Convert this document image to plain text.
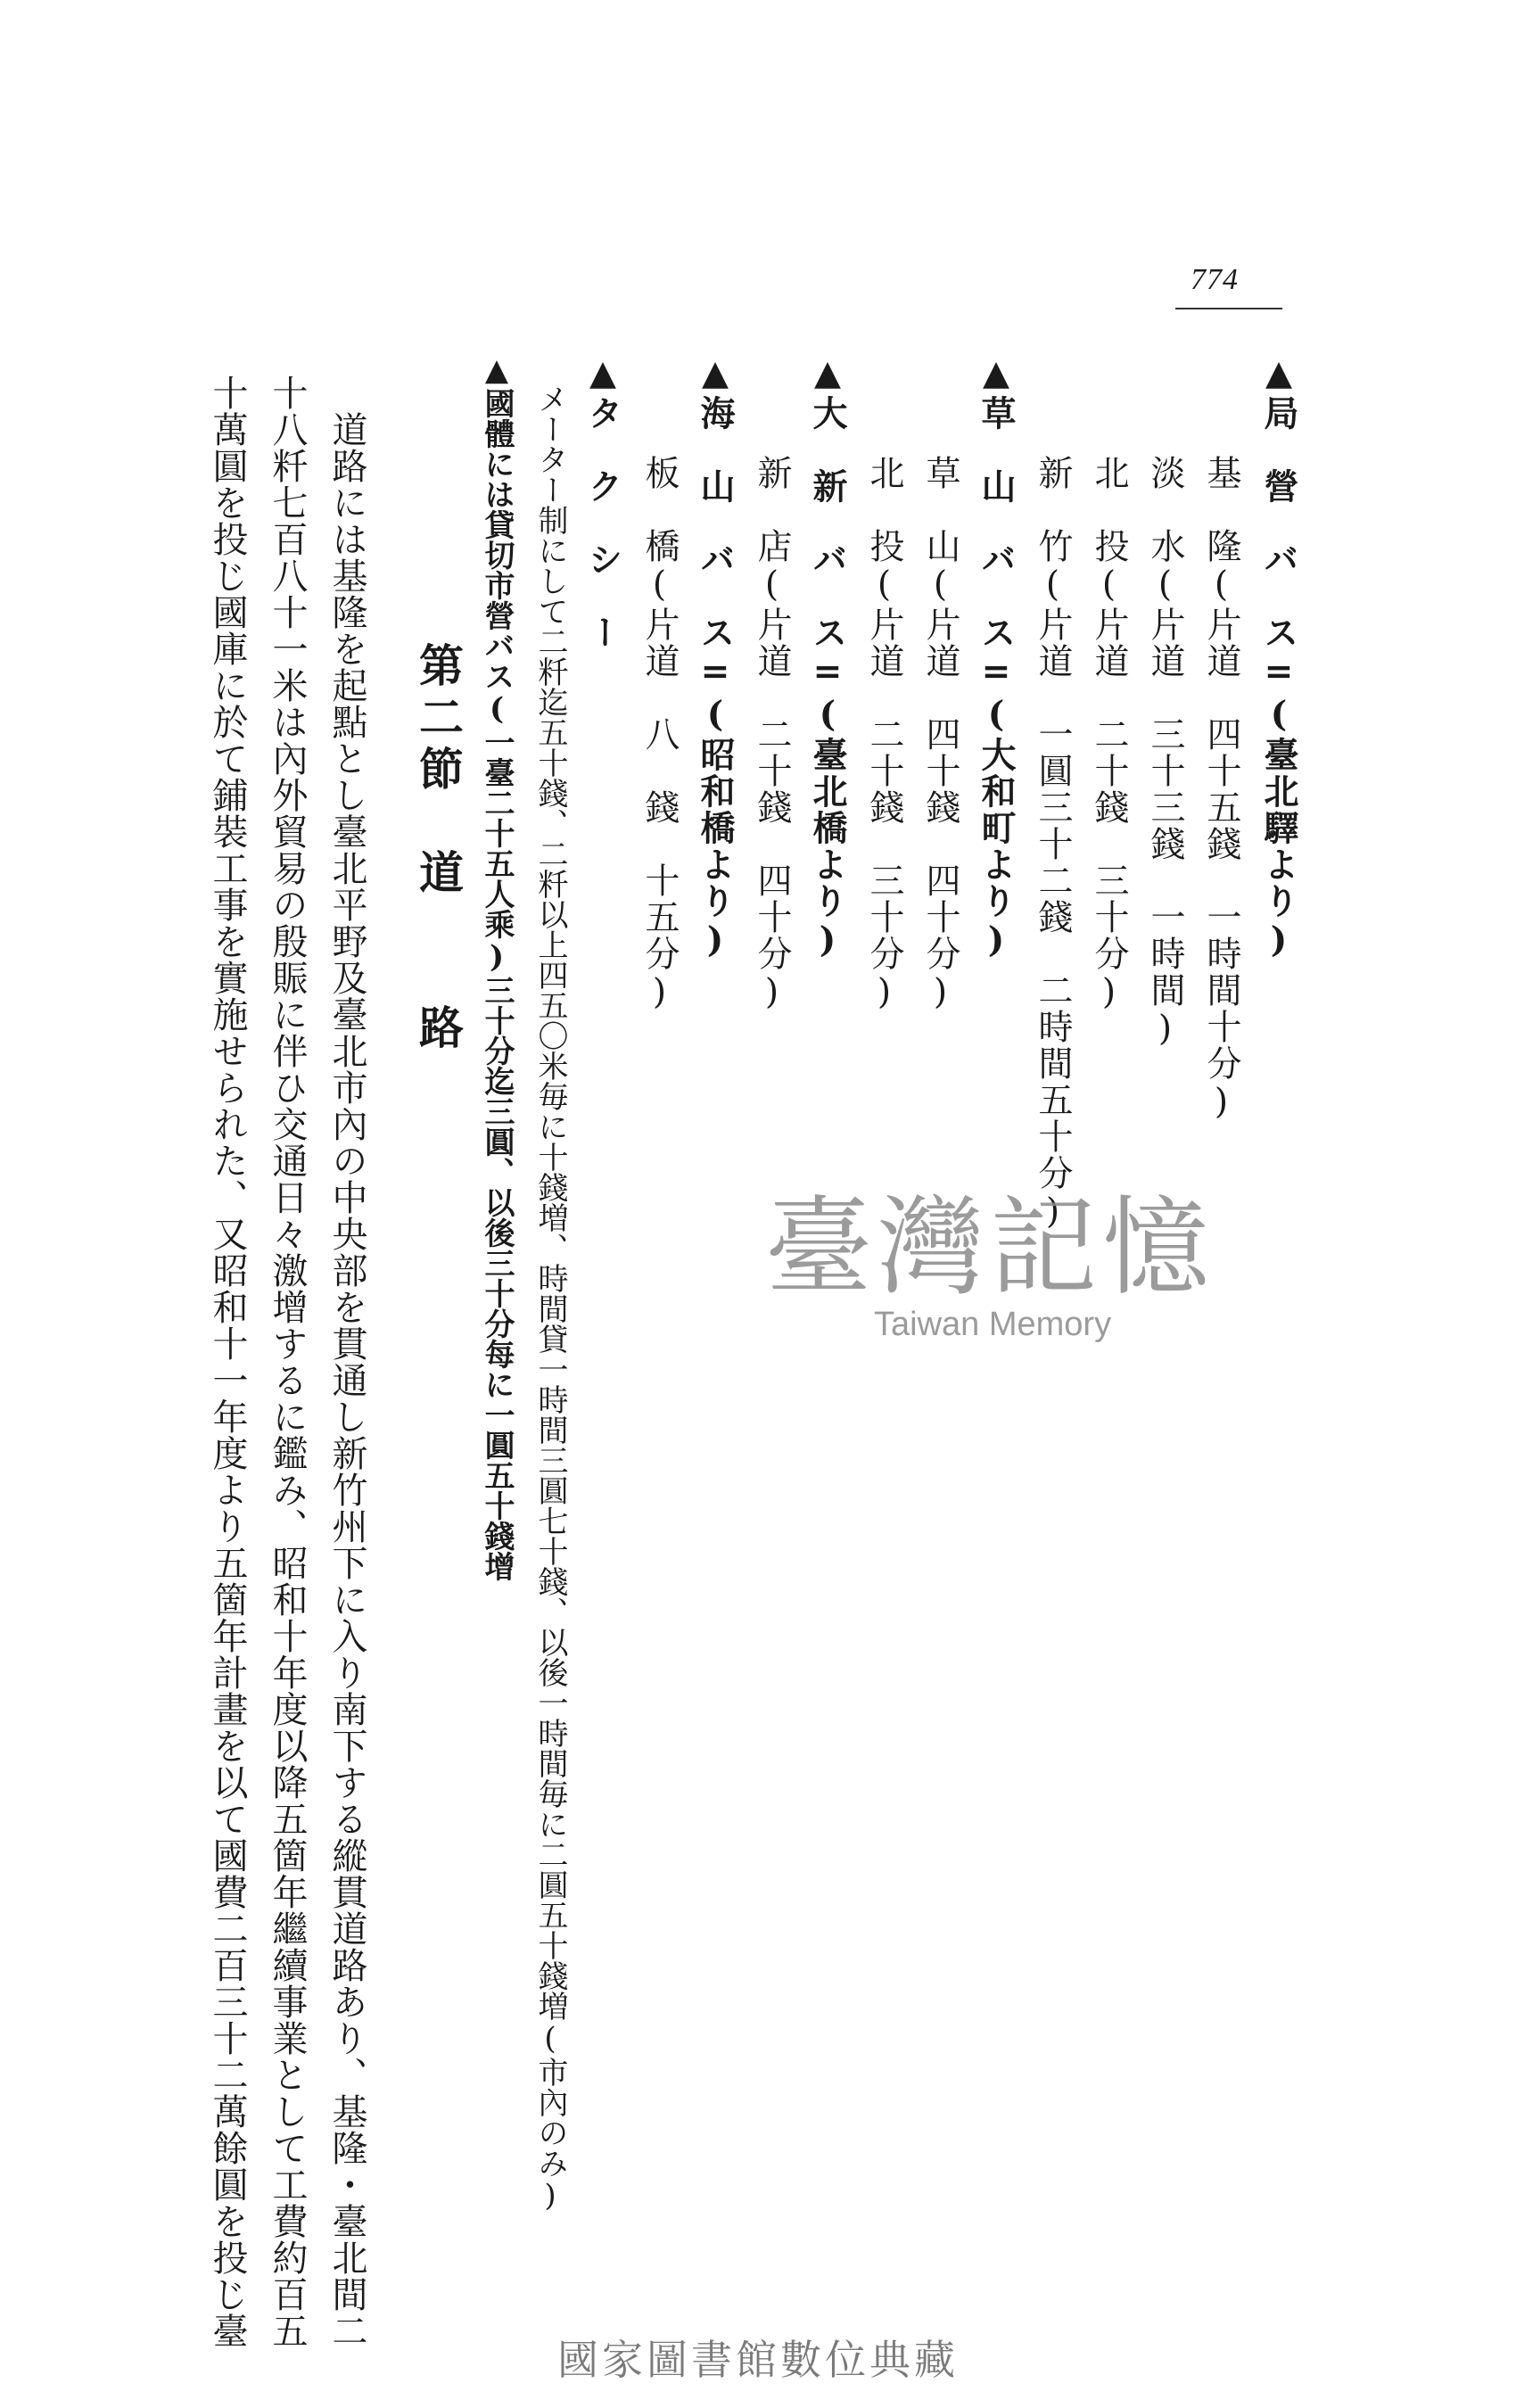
774
▲局　營　バ　ス=(臺北驛より)
基　隆(片道　四十五錢　一時間十分)
淡　水(片道　三十三錢　一時間)
北　投(片道　二十錢　三十分)
新　竹(片道　一圓三十二錢　二時間五十分)
▲草　山　バ　ス=(大和町より)
草　山(片道　四十錢　四十分)
北　投(片道　二十錢　三十分)
▲大　新　バ　ス=(臺北橋より)
新　店(片道　二十錢　四十分)
▲海　山　バ　ス=(昭和橋より)
板　橋(片道　八　錢　十五分)
▲タ　ク　シ　ー
メーター制にして二粁迄五十錢、二粁以上四五〇米毎に十錢増、時間貸一時間三圓七十錢、以後一時間毎に二圓五十錢増(市內のみ)
▲國體には貸切市營バス(一臺二十五人乘)三十分迄三圓、以後三十分每に一圓五十錢增
第二節　道　　路
　道路には基隆を起點とし臺北平野及臺北市內の中央部を貫通し新竹州下に入り南下する縱貫道路あり、基隆・臺北間二
十八粁七百八十一米は內外貿易の殷賑に伴ひ交通日々激增するに鑑み、昭和十年度以降五箇年繼續事業として工費約百五
十萬圓を投じ國庫に於て鋪裝工事を實施せられた、又昭和十一年度より五箇年計畫を以て國費二百三十二萬餘圓を投じ臺	臺灣記憶
Taiwan Memory
國家圖書館數位典藏
